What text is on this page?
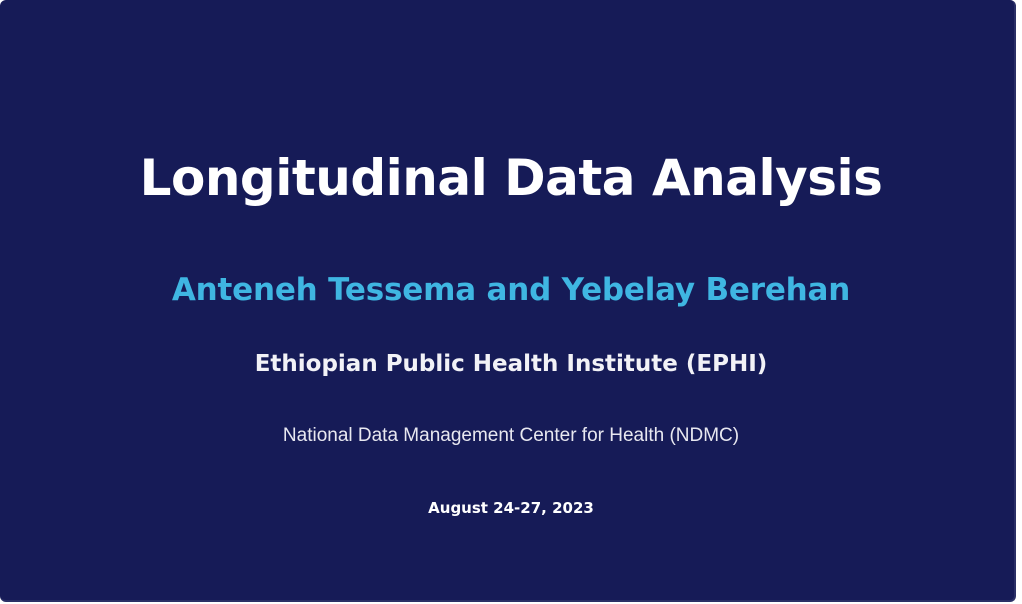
Longitudinal Data Analysis
Anteneh Tessema and Yebelay Berehan
Ethiopian Public Health Institute (EPHI)
National Data Management Center for Health (NDMC)
August 24-27, 2023
